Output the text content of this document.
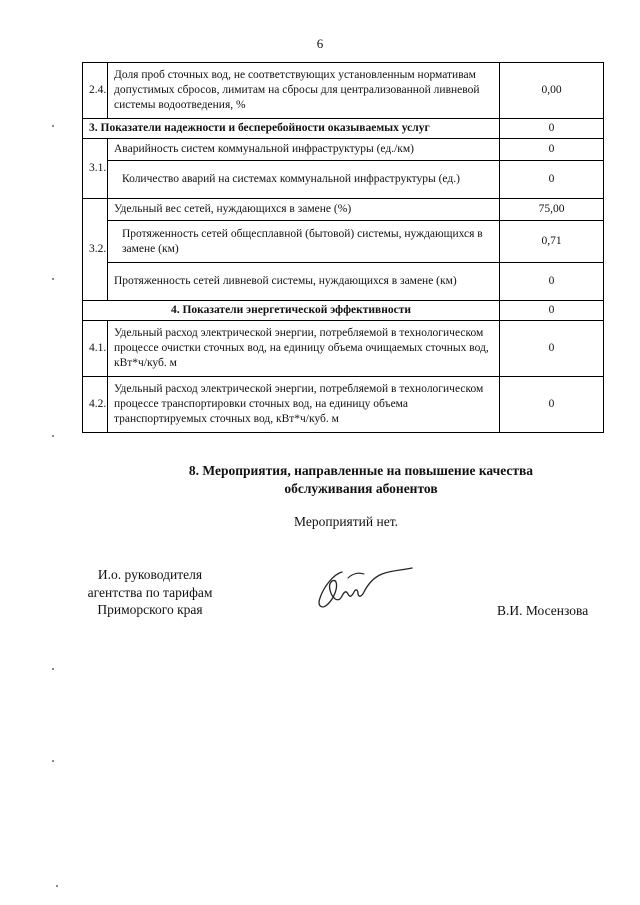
6
2.4.	Доля проб сточных вод, не соответствующих установленным нормативам допустимых сбросов, лимитам на сбросы для централизованной ливневой системы водоотведения, %	0,00
3. Показатели надежности и бесперебойности оказываемых услуг		0
3.1.	Аварийность систем коммунальной инфраструктуры (ед./км)	0
	Количество аварий на системах коммунальной инфраструктуры (ед.)	0
3.2.	Удельный вес сетей, нуждающихся в замене (%)	75,00
	Протяженность сетей общесплавной (бытовой) системы, нуждающихся в замене (км)	0,71
	Протяженность сетей ливневой системы, нуждающихся в замене (км)	0
4. Показатели энергетической эффективности		0
4.1.	Удельный расход электрической энергии, потребляемой в технологическом процессе очистки сточных вод, на единицу объема очищаемых сточных вод, кВт*ч/куб. м	0
4.2.	Удельный расход электрической энергии, потребляемой в технологическом процессе транспортировки сточных вод, на единицу объема транспортируемых сточных вод, кВт*ч/куб. м	0
8. Мероприятия, направленные на повышение качества
обслуживания абонентов
Мероприятий нет.
И.о. руководителя
агентства по тарифам
Приморского края	В.И. Мосензова
